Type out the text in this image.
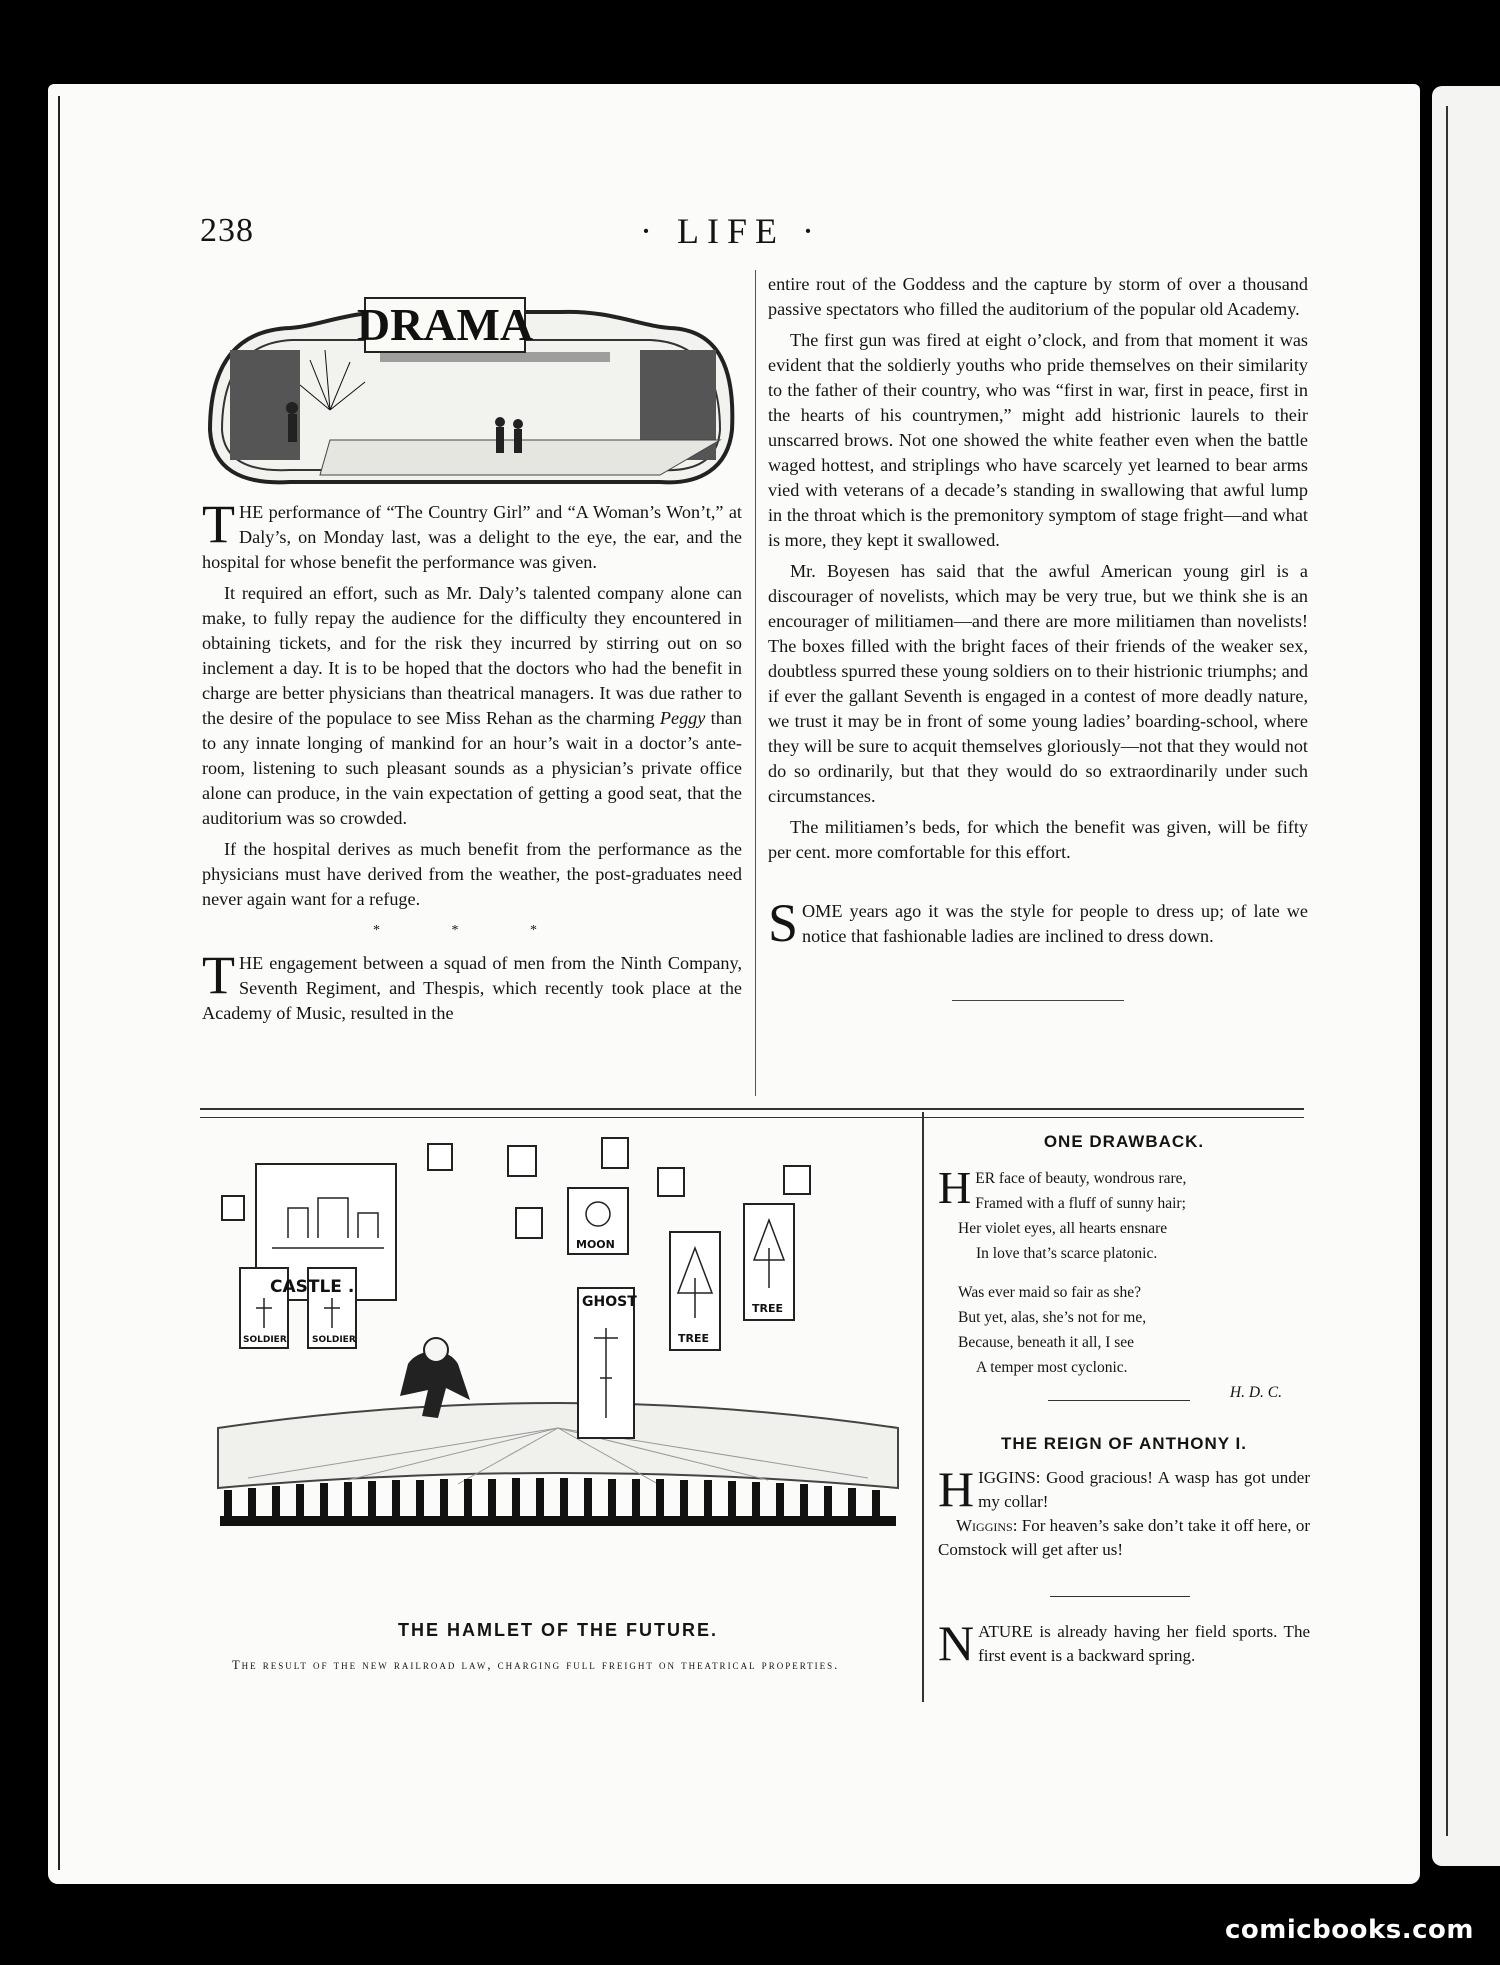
238	· LIFE ·
DRAMA

THE performance of “The Country Girl” and “A Woman’s Won’t,” at Daly’s, on Monday last, was a delight to the eye, the ear, and the hospital for whose benefit the performance was given.

It required an effort, such as Mr. Daly’s talented company alone can make, to fully repay the audience for the difficulty they encountered in obtaining tickets, and for the risk they incurred by stirring out on so inclement a day. It is to be hoped that the doctors who had the benefit in charge are better physicians than theatrical managers. It was due rather to the desire of the populace to see Miss Rehan as the charming Peggy than to any innate longing of mankind for an hour’s wait in a doctor’s ante-room, listening to such pleasant sounds as a physician’s private office alone can produce, in the vain expectation of getting a good seat, that the auditorium was so crowded.

If the hospital derives as much benefit from the performance as the physicians must have derived from the weather, the post-graduates need never again want for a refuge.

* * *

THE engagement between a squad of men from the Ninth Company, Seventh Regiment, and Thespis, which recently took place at the Academy of Music, resulted in the

entire rout of the Goddess and the capture by storm of over a thousand passive spectators who filled the auditorium of the popular old Academy.

The first gun was fired at eight o’clock, and from that moment it was evident that the soldierly youths who pride themselves on their similarity to the father of their country, who was “first in war, first in peace, first in the hearts of his countrymen,” might add histrionic laurels to their unscarred brows. Not one showed the white feather even when the battle waged hottest, and striplings who have scarcely yet learned to bear arms vied with veterans of a decade’s standing in swallowing that awful lump in the throat which is the premonitory symptom of stage fright—and what is more, they kept it swallowed.

Mr. Boyesen has said that the awful American young girl is a discourager of novelists, which may be very true, but we think she is an encourager of militiamen—and there are more militiamen than novelists! The boxes filled with the bright faces of their friends of the weaker sex, doubtless spurred these young soldiers on to their histrionic triumphs; and if ever the gallant Seventh is engaged in a contest of more deadly nature, we trust it may be in front of some young ladies’ boarding-school, where they will be sure to acquit themselves gloriously—not that they would not do so ordinarily, but that they would do so extraordinarily under such circumstances.

The militiamen’s beds, for which the benefit was given, will be fifty per cent. more comfortable for this effort.

SOME years ago it was the style for people to dress up; of late we notice that fashionable ladies are inclined to dress down.

CASTLE .
SOLDIER	SOLDIER
MOON
GHOST
TREE
TREE
THE HAMLET OF THE FUTURE.
The result of the new railroad law, charging full freight on theatrical properties.
ONE DRAWBACK.
HER face of beauty, wondrous rare,
Framed with a fluff of sunny hair;
Her violet eyes, all hearts ensnare
In love that’s scarce platonic.
Was ever maid so fair as she?
But yet, alas, she’s not for me,
Because, beneath it all, I see
A temper most cyclonic.
H. D. C.
THE REIGN OF ANTHONY I.
HIGGINS: Good gracious! A wasp has got under my collar!
Wiggins: For heaven’s sake don’t take it off here, or Comstock will get after us!
NATURE is already having her field sports. The first event is a backward spring.
comicbooks.com
